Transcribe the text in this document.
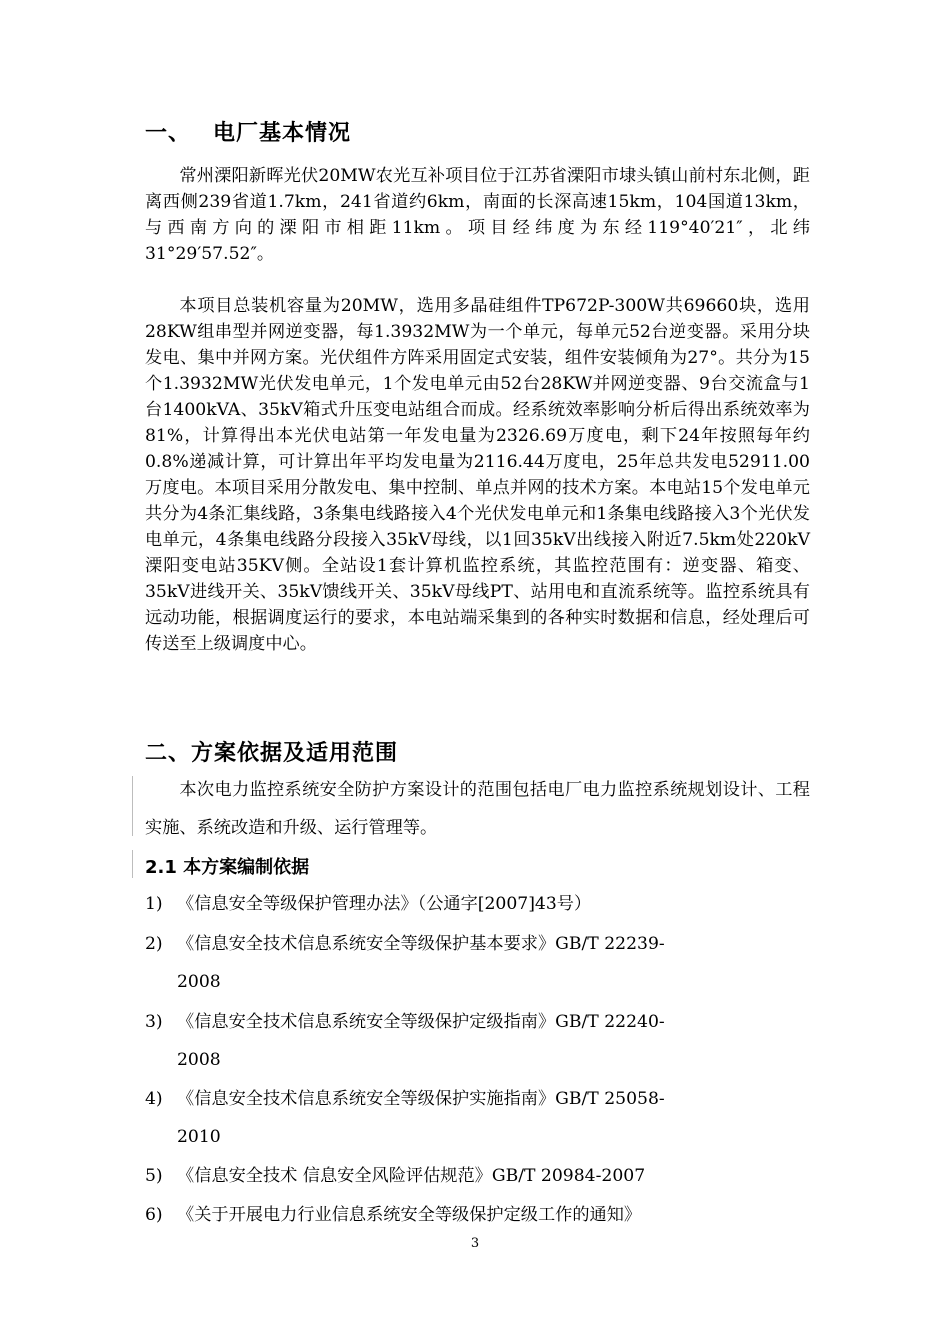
一、 电厂基本情况

常州溧阳新晖光伏20MW农光互补项目位于江苏省溧阳市埭头镇山前村东北侧，距离西侧239省道1.7km，241省道约6km，南面的长深高速15km，104国道13km，与西南方向的溧阳市相距11km。项目经纬度为东经119°40′21″，北纬31°29′57.52″。

本项目总装机容量为20MW，选用多晶硅组件TP672P-300W共69660块，选用28KW组串型并网逆变器，每1.3932MW为一个单元，每单元52台逆变器。采用分块发电、集中并网方案。光伏组件方阵采用固定式安装，组件安装倾角为27°。共分为15个1.3932MW光伏发电单元，1个发电单元由52台28KW并网逆变器、9台交流盒与1台1400kVA、35kV箱式升压变电站组合而成。经系统效率影响分析后得出系统效率为81%，计算得出本光伏电站第一年发电量为2326.69万度电，剩下24年按照每年约0.8%递减计算，可计算出年平均发电量为2116.44万度电，25年总共发电52911.00万度电。本项目采用分散发电、集中控制、单点并网的技术方案。本电站15个发电单元共分为4条汇集线路，3条集电线路接入4个光伏发电单元和1条集电线路接入3个光伏发电单元，4条集电线路分段接入35kV母线，以1回35kV出线接入附近7.5km处220kV溧阳变电站35KV侧。全站设1套计算机监控系统，其监控范围有：逆变器、箱变、35kV进线开关、35kV馈线开关、35kV母线PT、站用电和直流系统等。监控系统具有远动功能，根据调度运行的要求，本电站端采集到的各种实时数据和信息，经处理后可传送至上级调度中心。

二、方案依据及适用范围

本次电力监控系统安全防护方案设计的范围包括电厂电力监控系统规划设计、工程实施、系统改造和升级、运行管理等。

2.1 本方案编制依据
1) 《信息安全等级保护管理办法》（公通字[2007]43号）
2) 《信息安全技术信息系统安全等级保护基本要求》GB/T 22239-
2008
3) 《信息安全技术信息系统安全等级保护定级指南》GB/T 22240-
2008
4) 《信息安全技术信息系统安全等级保护实施指南》GB/T 25058-
2010
5) 《信息安全技术 信息安全风险评估规范》GB/T 20984-2007
6) 《关于开展电力行业信息系统安全等级保护定级工作的通知》
3
